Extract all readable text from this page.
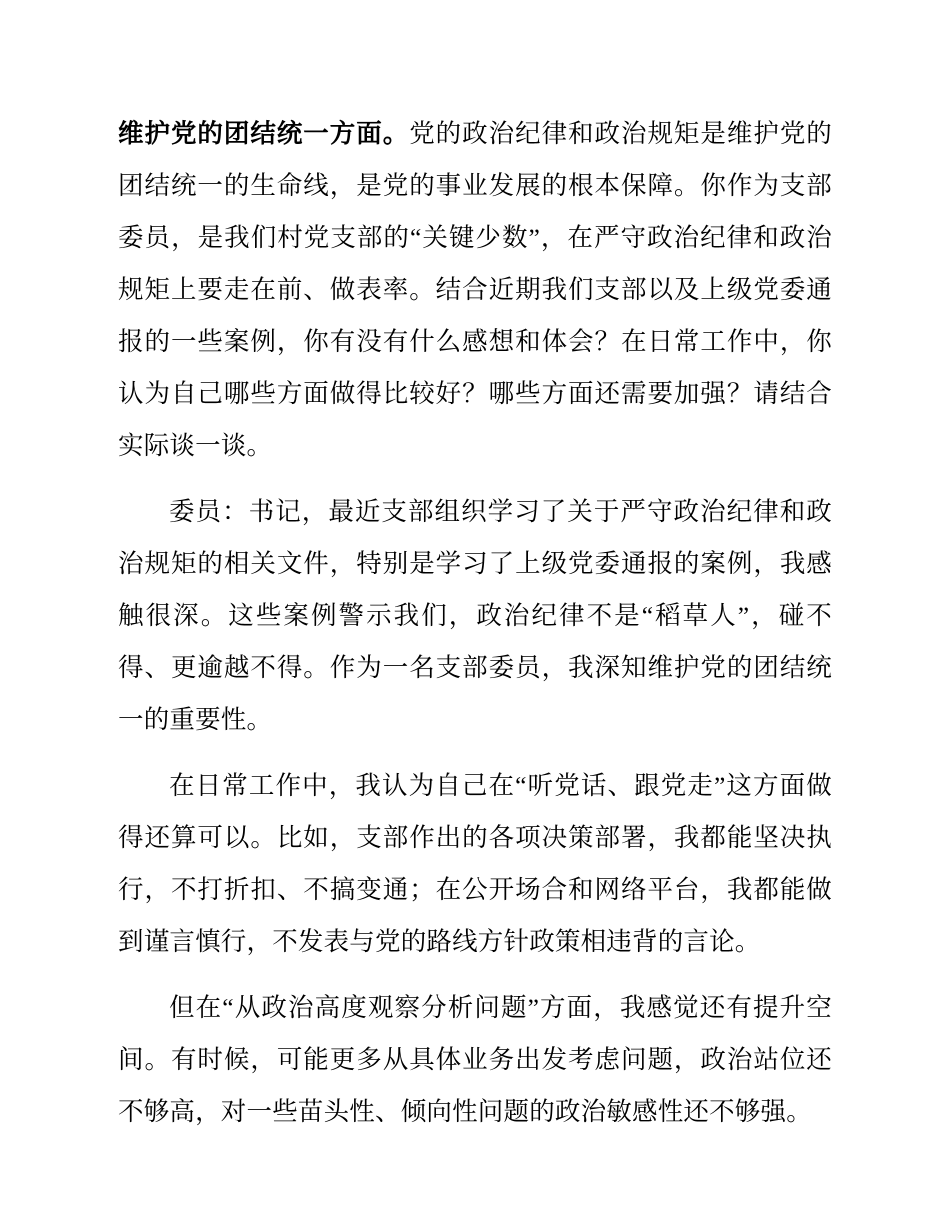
维护党的团结统一方面。党的政治纪律和政治规矩是维护党的团结统一的生命线，是党的事业发展的根本保障。你作为支部委员，是我们村党支部的“关键少数”，在严守政治纪律和政治规矩上要走在前、做表率。结合近期我们支部以及上级党委通报的一些案例，你有没有什么感想和体会？在日常工作中，你认为自己哪些方面做得比较好？哪些方面还需要加强？请结合实际谈一谈。

委员：书记，最近支部组织学习了关于严守政治纪律和政治规矩的相关文件，特别是学习了上级党委通报的案例，我感触很深。这些案例警示我们，政治纪律不是“稻草人”，碰不得、更逾越不得。作为一名支部委员，我深知维护党的团结统一的重要性。

在日常工作中，我认为自己在“听党话、跟党走”这方面做得还算可以。比如，支部作出的各项决策部署，我都能坚决执行，不打折扣、不搞变通；在公开场合和网络平台，我都能做到谨言慎行，不发表与党的路线方针政策相违背的言论。

但在“从政治高度观察分析问题”方面，我感觉还有提升空间。有时候，可能更多从具体业务出发考虑问题，政治站位还不够高，对一些苗头性、倾向性问题的政治敏感性还不够强。
